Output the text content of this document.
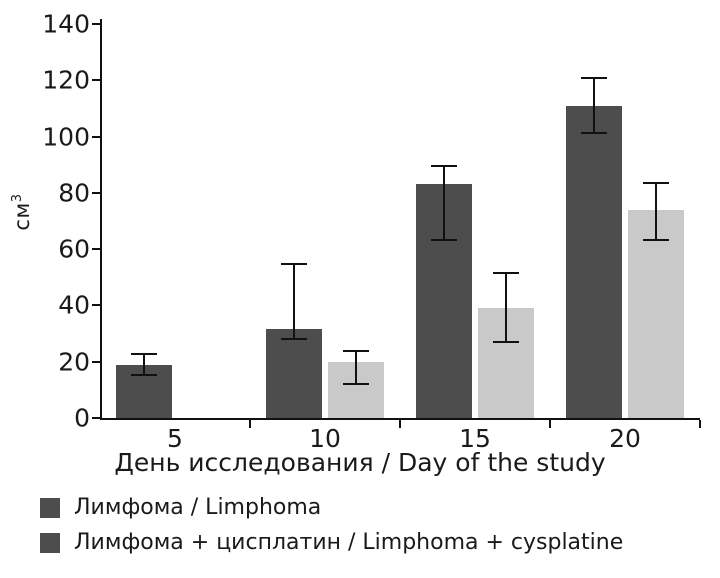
$см^3$
0
20
40
60
80
100
120
140
5	10	15	20
День исследования / Day of the study
Лимфома / Limphoma
Лимфома + цисплатин / Limphoma + cysplatine
